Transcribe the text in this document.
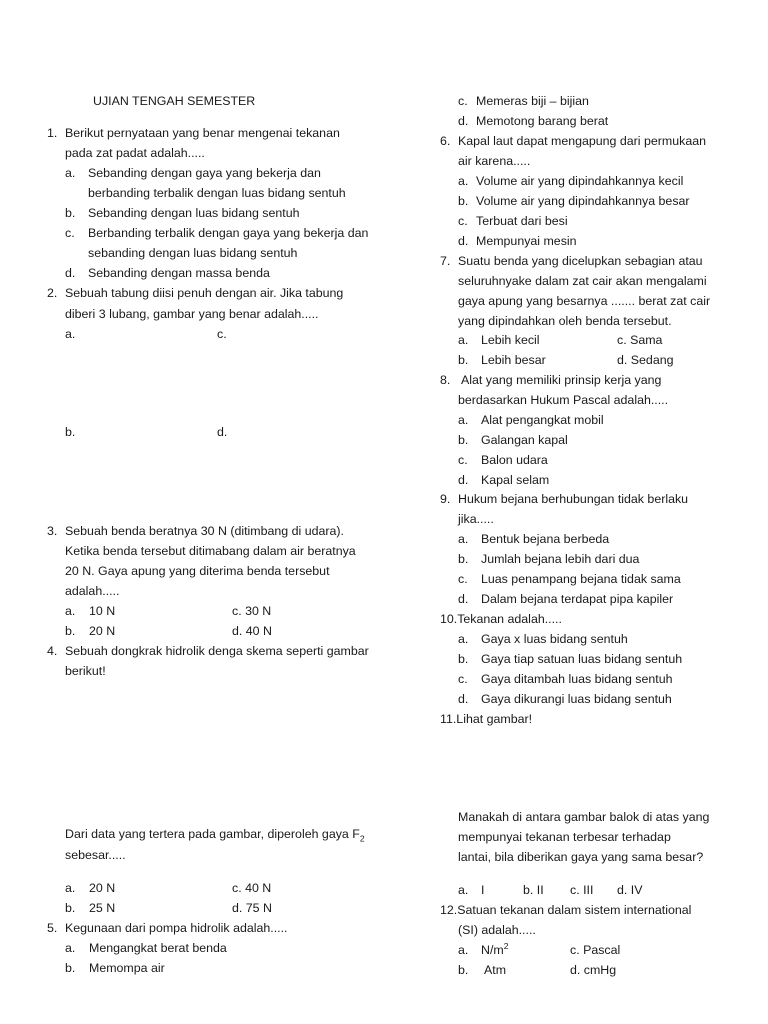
UJIAN TENGAH SEMESTER
1. Berikut pernyataan yang benar mengenai tekanan
pada zat padat adalah.....
a. Sebanding dengan gaya yang bekerja dan
berbanding terbalik dengan luas bidang sentuh
b. Sebanding dengan luas bidang sentuh
c. Berbanding terbalik dengan gaya yang bekerja dan
sebanding dengan luas bidang sentuh
d. Sebanding dengan massa benda
2. Sebuah tabung diisi penuh dengan air. Jika tabung
diberi 3 lubang, gambar yang benar adalah.....
a.	c.
b.	d.
3. Sebuah benda beratnya 30 N (ditimbang di udara).
Ketika benda tersebut ditimabang dalam air beratnya
20 N. Gaya apung yang diterima benda tersebut
adalah.....
a. 10 N	c. 30 N
b. 20 N	d. 40 N
4. Sebuah dongkrak hidrolik denga skema seperti gambar
berikut!
Dari data yang tertera pada gambar, diperoleh gaya $F_2$
sebesar.....
a. 20 N	c. 40 N
b. 25 N	d. 75 N
5. Kegunaan dari pompa hidrolik adalah.....
a. Mengangkat berat benda
b. Memompa air
c. Memeras biji – bijian
d. Memotong barang berat
6. Kapal laut dapat mengapung dari permukaan
air karena.....
a. Volume air yang dipindahkannya kecil
b. Volume air yang dipindahkannya besar
c. Terbuat dari besi
d. Mempunyai mesin
7. Suatu benda yang dicelupkan sebagian atau
seluruhnyake dalam zat cair akan mengalami
gaya apung yang besarnya ....... berat zat cair
yang dipindahkan oleh benda tersebut.
a. Lebih kecil	c. Sama
b. Lebih besar	d. Sedang
8. Alat yang memiliki prinsip kerja yang
berdasarkan Hukum Pascal adalah.....
a. Alat pengangkat mobil
b. Galangan kapal
c. Balon udara
d. Kapal selam
9. Hukum bejana berhubungan tidak berlaku
jika.....
a. Bentuk bejana berbeda
b. Jumlah bejana lebih dari dua
c. Luas penampang bejana tidak sama
d. Dalam bejana terdapat pipa kapiler
10.Tekanan adalah.....
a. Gaya x luas bidang sentuh
b. Gaya tiap satuan luas bidang sentuh
c. Gaya ditambah luas bidang sentuh
d. Gaya dikurangi luas bidang sentuh
11.Lihat gambar!
Manakah di antara gambar balok di atas yang
mempunyai tekanan terbesar terhadap
lantai, bila diberikan gaya yang sama besar?
a. I	b. II c. III d. IV
12.Satuan tekanan dalam sistem international
(SI) adalah.....
a. $N/m^2$	c. Pascal
b. Atm	d. cmHg
